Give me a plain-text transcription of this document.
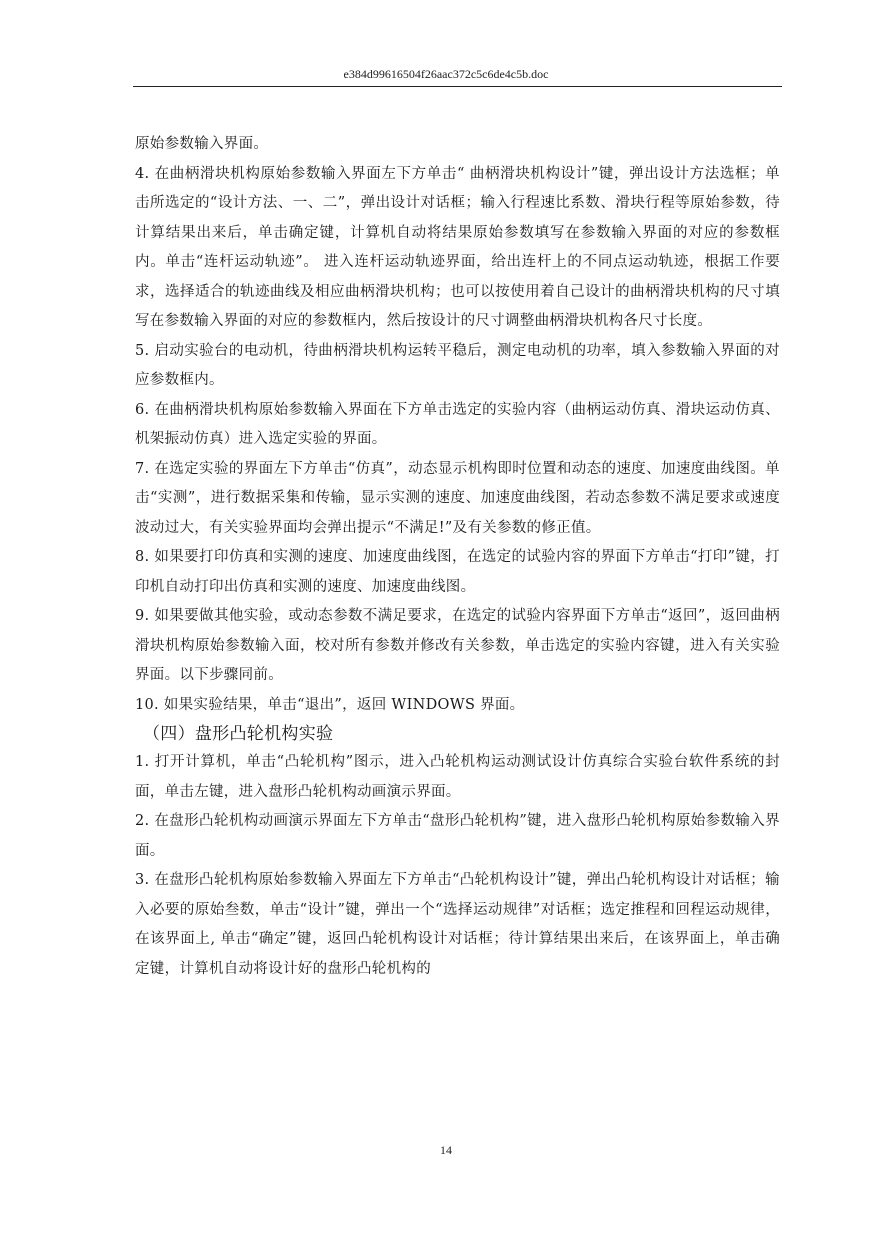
e384d99616504f26aac372c5c6de4c5b.doc

原始参数输入界面。

4. 在曲柄滑块机构原始参数输入界面左下方单击“ 曲柄滑块机构设计”键，弹出设计方法选框；单击所选定的“设计方法、一、二”，弹出设计对话框；输入行程速比系数、滑块行程等原始参数，待计算结果出来后，单击确定键，计算机自动将结果原始参数填写在参数输入界面的对应的参数框内。单击“连杆运动轨迹”。 进入连杆运动轨迹界面，给出连杆上的不同点运动轨迹，根据工作要求，选择适合的轨迹曲线及相应曲柄滑块机构；也可以按使用着自己设计的曲柄滑块机构的尺寸填写在参数输入界面的对应的参数框内，然后按设计的尺寸调整曲柄滑块机构各尺寸长度。

5. 启动实验台的电动机，待曲柄滑块机构运转平稳后，测定电动机的功率，填入参数输入界面的对应参数框内。

6. 在曲柄滑块机构原始参数输入界面在下方单击选定的实验内容（曲柄运动仿真、滑块运动仿真、机架振动仿真）进入选定实验的界面。

7. 在选定实验的界面左下方单击“仿真”，动态显示机构即时位置和动态的速度、加速度曲线图。单击“实测”，进行数据采集和传输，显示实测的速度、加速度曲线图，若动态参数不满足要求或速度波动过大，有关实验界面均会弹出提示“不满足!”及有关参数的修正值。

8. 如果要打印仿真和实测的速度、加速度曲线图，在选定的试验内容的界面下方单击“打印”键，打印机自动打印出仿真和实测的速度、加速度曲线图。

9. 如果要做其他实验，或动态参数不满足要求，在选定的试验内容界面下方单击“返回”，返回曲柄滑块机构原始参数输入面，校对所有参数并修改有关参数，单击选定的实验内容键，进入有关实验界面。以下步骤同前。

10. 如果实验结果，单击“退出”，返回 WINDOWS 界面。

（四）盘形凸轮机构实验

1. 打开计算机，单击“凸轮机构”图示，进入凸轮机构运动测试设计仿真综合实验台软件系统的封面，单击左键，进入盘形凸轮机构动画演示界面。

2. 在盘形凸轮机构动画演示界面左下方单击“盘形凸轮机构”键，进入盘形凸轮机构原始参数输入界面。

3. 在盘形凸轮机构原始参数输入界面左下方单击“凸轮机构设计”键，弹出凸轮机构设计对话框；输入必要的原始叁数，单击“设计”键，弹出一个“选择运动规律”对话框；选定推程和回程运动规律，在该界面上, 单击“确定”键，返回凸轮机构设计对话框；待计算结果出来后，在该界面上，单击确定键，计算机自动将设计好的盘形凸轮机构的

14
